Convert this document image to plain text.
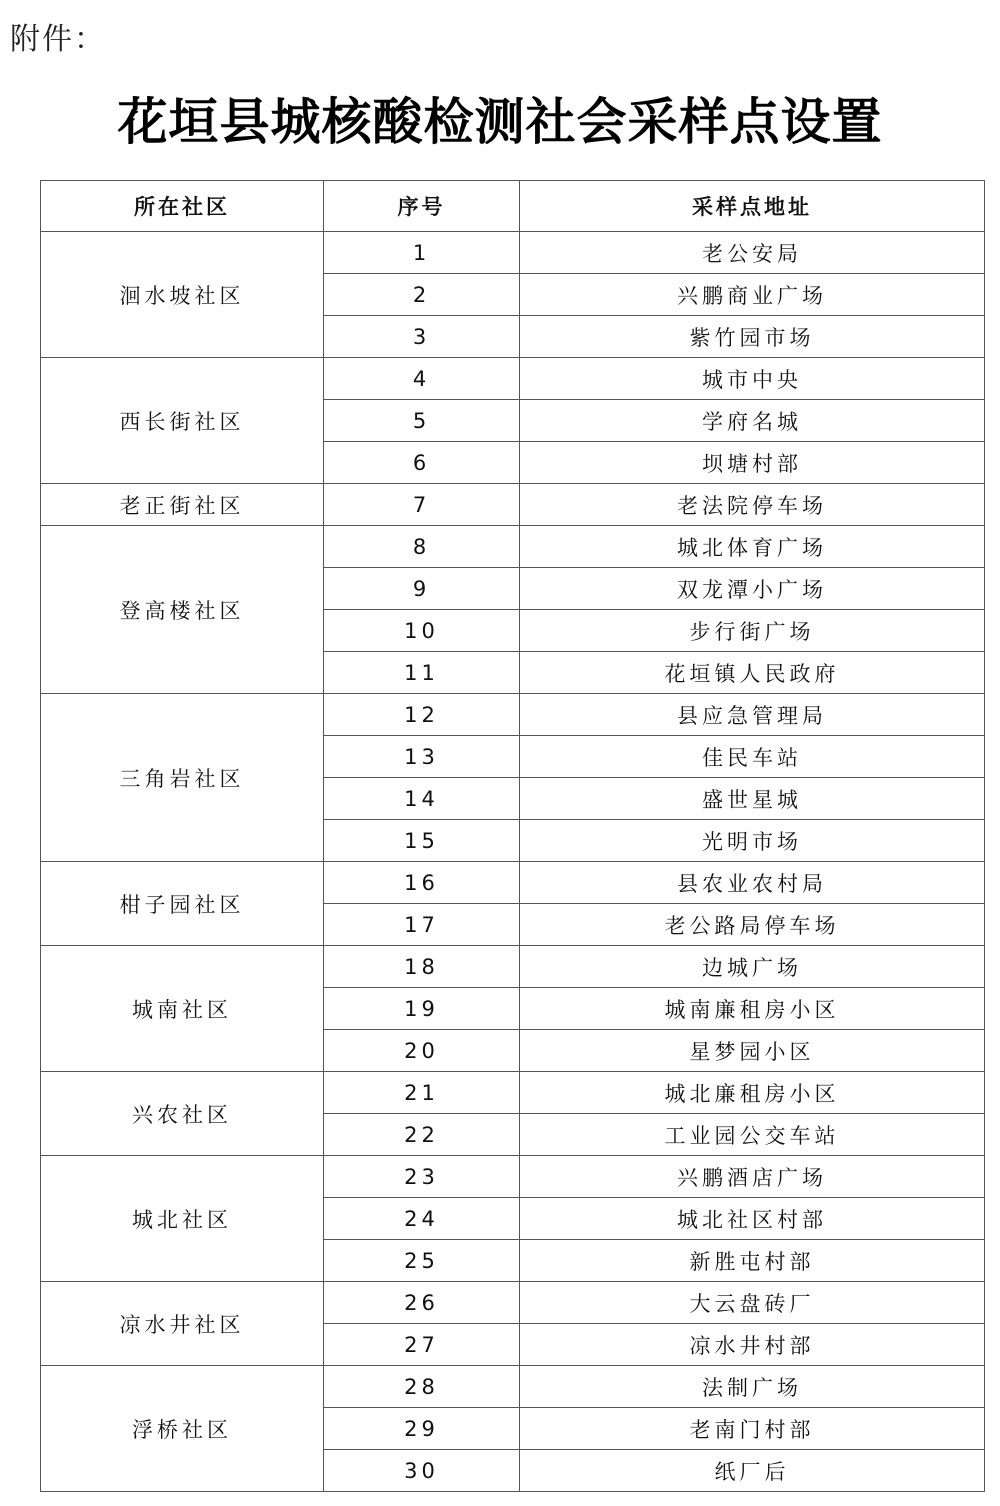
附件：
花垣县城核酸检测社会采样点设置
所在社区	序号	采样点地址
洄水坡社区	1	老公安局
	2	兴鹏商业广场
	3	紫竹园市场
西长街社区	4	城市中央
	5	学府名城
	6	坝塘村部
老正街社区	7	老法院停车场
登高楼社区	8	城北体育广场
	9	双龙潭小广场
	10	步行街广场
	11	花垣镇人民政府
三角岩社区	12	县应急管理局
	13	佳民车站
	14	盛世星城
	15	光明市场
柑子园社区	16	县农业农村局
	17	老公路局停车场
城南社区	18	边城广场
	19	城南廉租房小区
	20	星梦园小区
兴农社区	21	城北廉租房小区
	22	工业园公交车站
城北社区	23	兴鹏酒店广场
	24	城北社区村部
	25	新胜屯村部
凉水井社区	26	大云盘砖厂
	27	凉水井村部
浮桥社区	28	法制广场
	29	老南门村部
	30	纸厂后
